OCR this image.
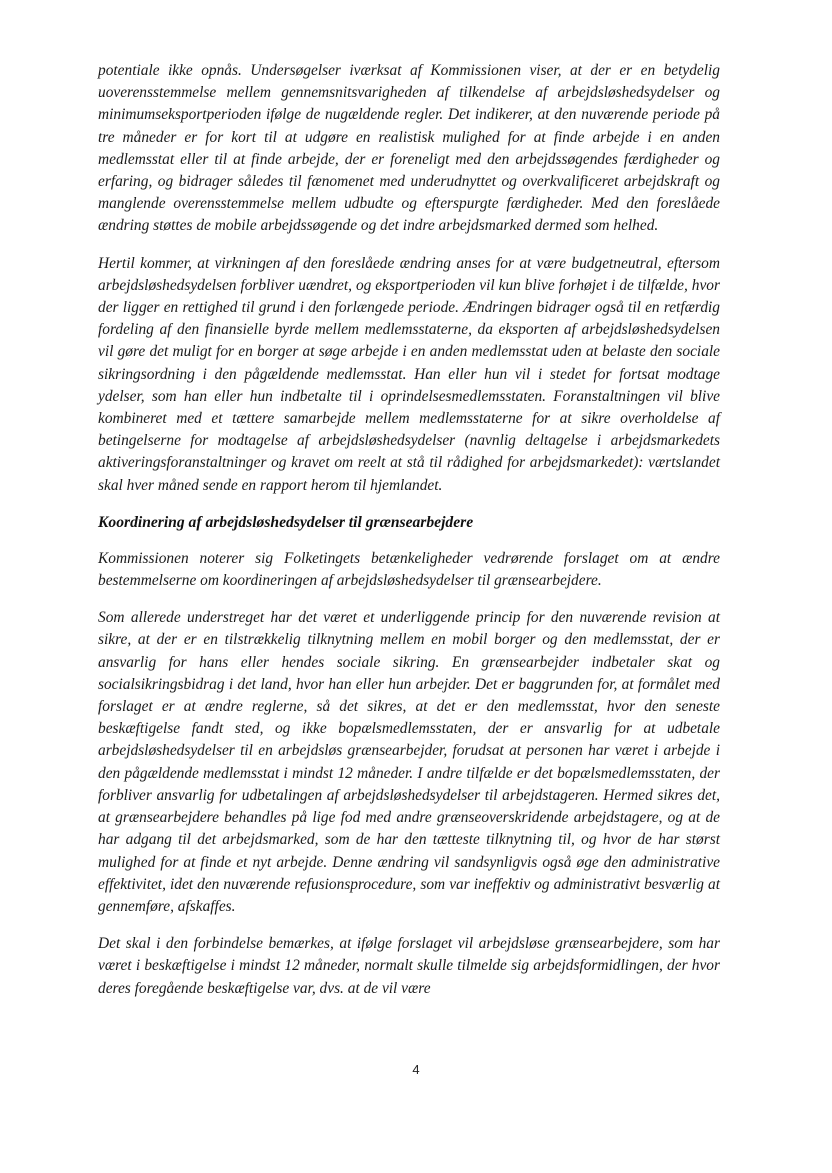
potentiale ikke opnås. Undersøgelser iværksat af Kommissionen viser, at der er en betydelig uoverensstemmelse mellem gennemsnitsvarigheden af tilkendelse af arbejdsløshedsydelser og minimumseksportperioden ifølge de nugældende regler. Det indikerer, at den nuværende periode på tre måneder er for kort til at udgøre en realistisk mulighed for at finde arbejde i en anden medlemsstat eller til at finde arbejde, der er foreneligt med den arbejdssøgendes færdigheder og erfaring, og bidrager således til fænomenet med underudnyttet og overkvalificeret arbejdskraft og manglende overensstemmelse mellem udbudte og efterspurgte færdigheder. Med den foreslåede ændring støttes de mobile arbejdssøgende og det indre arbejdsmarked dermed som helhed.

Hertil kommer, at virkningen af den foreslåede ændring anses for at være budgetneutral, eftersom arbejdsløshedsydelsen forbliver uændret, og eksportperioden vil kun blive forhøjet i de tilfælde, hvor der ligger en rettighed til grund i den forlængede periode. Ændringen bidrager også til en retfærdig fordeling af den finansielle byrde mellem medlemsstaterne, da eksporten af arbejdsløshedsydelsen vil gøre det muligt for en borger at søge arbejde i en anden medlemsstat uden at belaste den sociale sikringsordning i den pågældende medlemsstat. Han eller hun vil i stedet for fortsat modtage ydelser, som han eller hun indbetalte til i oprindelsesmedlemsstaten. Foranstaltningen vil blive kombineret med et tættere samarbejde mellem medlemsstaterne for at sikre overholdelse af betingelserne for modtagelse af arbejdsløshedsydelser (navnlig deltagelse i arbejdsmarkedets aktiveringsforanstaltninger og kravet om reelt at stå til rådighed for arbejdsmarkedet): værtslandet skal hver måned sende en rapport herom til hjemlandet.

Koordinering af arbejdsløshedsydelser til grænsearbejdere

Kommissionen noterer sig Folketingets betænkeligheder vedrørende forslaget om at ændre bestemmelserne om koordineringen af arbejdsløshedsydelser til grænsearbejdere.

Som allerede understreget har det været et underliggende princip for den nuværende revision at sikre, at der er en tilstrækkelig tilknytning mellem en mobil borger og den medlemsstat, der er ansvarlig for hans eller hendes sociale sikring. En grænsearbejder indbetaler skat og socialsikringsbidrag i det land, hvor han eller hun arbejder. Det er baggrunden for, at formålet med forslaget er at ændre reglerne, så det sikres, at det er den medlemsstat, hvor den seneste beskæftigelse fandt sted, og ikke bopælsmedlemsstaten, der er ansvarlig for at udbetale arbejdsløshedsydelser til en arbejdsløs grænsearbejder, forudsat at personen har været i arbejde i den pågældende medlemsstat i mindst 12 måneder. I andre tilfælde er det bopælsmedlemsstaten, der forbliver ansvarlig for udbetalingen af arbejdsløshedsydelser til arbejdstageren. Hermed sikres det, at grænsearbejdere behandles på lige fod med andre grænseoverskridende arbejdstagere, og at de har adgang til det arbejdsmarked, som de har den tætteste tilknytning til, og hvor de har størst mulighed for at finde et nyt arbejde. Denne ændring vil sandsynligvis også øge den administrative effektivitet, idet den nuværende refusionsprocedure, som var ineffektiv og administrativt besværlig at gennemføre, afskaffes.

Det skal i den forbindelse bemærkes, at ifølge forslaget vil arbejdsløse grænsearbejdere, som har været i beskæftigelse i mindst 12 måneder, normalt skulle tilmelde sig arbejdsformidlingen, der hvor deres foregående beskæftigelse var, dvs. at de vil være

4
